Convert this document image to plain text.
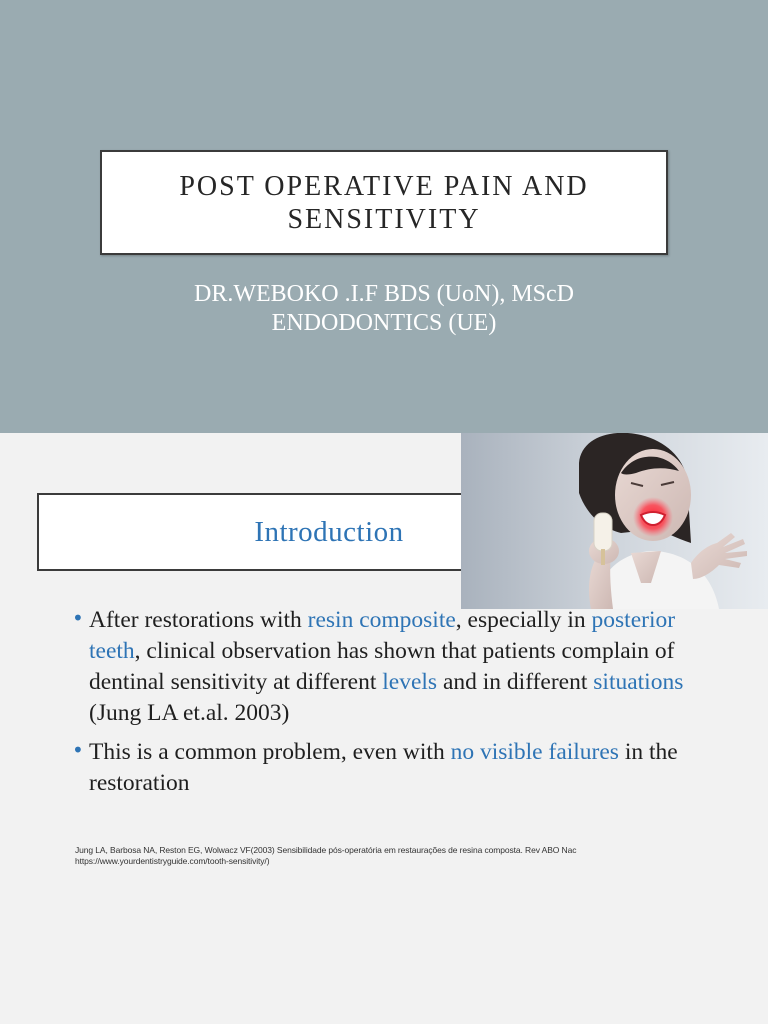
POST OPERATIVE PAIN AND SENSITIVITY
DR.WEBOKO .I.F BDS (UoN), MScD
ENDODONTICS (UE)
Introduction
• After restorations with resin composite, especially in posterior teeth, clinical observation has shown that patients complain of dentinal sensitivity at different levels and in different situations (Jung LA et.al. 2003)
• This is a common problem, even with no visible failures in the restoration
Jung LA, Barbosa NA, Reston EG, Wolwacz VF(2003) Sensibilidade pós-operatória em restaurações de resina composta. Rev ABO Nac
https://www.yourdentistryguide.com/tooth-sensitivity/)
